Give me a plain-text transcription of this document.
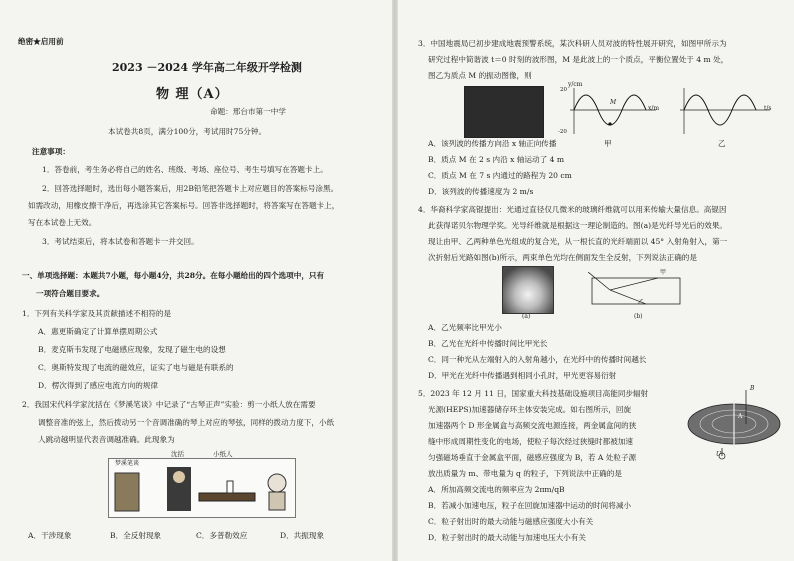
绝密★启用前
2023 －2024 学年高二年级开学检测
物 理（A）
命题：邢台市第一中学
本试卷共8页，满分100分，考试用时75分钟。
注意事项：
1．答卷前，考生务必将自己的姓名、班级、考场、座位号、考生号填写在答题卡上。
2．回答选择题时，选出每小题答案后，用2B铅笔把答题卡上对应题目的答案标号涂黑。
如需改动，用橡皮擦干净后，再选涂其它答案标号。回答非选择题时，将答案写在答题卡上，
写在本试卷上无效。
3．考试结束后，将本试卷和答题卡一并交回。
一、单项选择题：本题共7小题，每小题4分，共28分。在每小题给出的四个选项中，只有
一项符合题目要求。
1．下列有关科学家及其贡献描述不相符的是
A．惠更斯确定了计算单摆周期公式
B．麦克斯韦发现了电磁感应现象，发现了磁生电的设想
C．奥斯特发现了电流的磁效应，证实了电与磁是有联系的
D．楞次得到了感应电流方向的规律
2．我国宋代科学家沈括在《梦溪笔谈》中记录了“古琴正声”实验：剪一小纸人放在需要
调整音准的弦上，然后拨动另一个音调准确的琴上对应的琴弦，同样的拨动力度下，小纸
人跳动越明显代表音调越准确。此现象为
梦溪笔谈
沈括	小纸人
A．干涉现象	B．全反射现象	C．多普勒效应	D．共振现象
3．中国地震局已初步建成地震预警系统，某次科研人员对波的特性展开研究，如图甲所示为
研究过程中简谐波 t＝0 时刻的波形图，M 是此波上的一个质点，平衡位置处于 4 m 处，
图乙为质点 M 的振动图像，则
y/cm
20
-20
M
x/m	t/s
甲	乙
A．该列波的传播方向沿 x 轴正向传播
B．质点 M 在 2 s 内沿 x 轴运动了 4 m
C．质点 M 在 7 s 内通过的路程为 20 cm
D．该列波的传播速度为 2 m/s
4．华裔科学家高锟提出：光通过直径仅几微米的玻璃纤维就可以用来传输大量信息。高锟因
此获得诺贝尔物理学奖。光导纤维就是根据这一理论制造的。图(a)是光纤导光后的效果。
现让由甲、乙两种单色光组成的复合光，从一根长直的光纤端面以 45° 入射角射入，第一
次折射后光路如图(b)所示，两束单色光均在侧面发生全反射，下列说法正确的是
(a)
甲
乙
(b)
A．乙光频率比甲光小
B．乙光在光纤中传播时间比甲光长
C．同一种光从左端射入的入射角越小，在光纤中的传播时间越长
D．甲光在光纤中传播遇到相同小孔时，甲光更容易衍射
5．2023 年 12 月 11 日，国家重大科技基础设施项目高能同步辐射
光源(HEPS)加速器储存环主体安装完成。如右图所示，回旋
加速器两个 D 形金属盒与高频交流电源连接，两金属盒间的狭
缝中形成周期性变化的电场，使粒子每次经过狭缝时都被加速
匀强磁场垂直于金属盒平面，磁感应强度为 B，若 A 处粒子源
放出质量为 m、带电量为 q 的粒子，下列说法中正确的是
A
U
B
A．所加高频交流电的频率应为 2πm/qB
B．若减小加速电压，粒子在回旋加速器中运动的时间将减小
C．粒子射出时的最大动能与磁感应强度大小有关
D．粒子射出时的最大动能与加速电压大小有关
